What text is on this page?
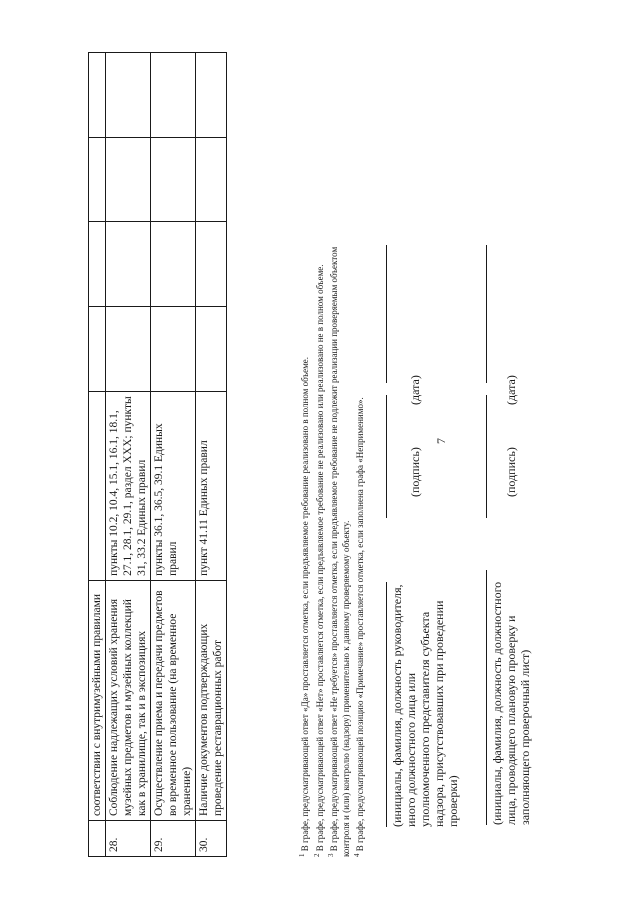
7
	соответствии с внутримузейными правилами					
28.	Соблюдение надлежащих условий хранения музейных предметов и музейных коллекций как в хранилище, так и в экспозициях	пункты 10.2, 10.4, 15.1, 16.1, 18.1, 27.1, 28.1, 29.1, раздел XXX; пункты 31, 33.2 Единых правил				
29.	Осуществление приема и передачи предметов во временное пользование (на временное хранение)	пункты 36.1, 36.5, 39.1 Единых правил				
30.	Наличие документов подтверждающих проведение реставрационных работ	пункт 41.11 Единых правил				
$^1$ В графе, предусматривающей ответ «Да» проставляется отметка, если предъявляемое требование реализовано в полном объеме.
$^2$ В графе, предусматривающей ответ «Нет» проставляется отметка, если предъявляемое требование не реализовано или реализовано не в полном объеме.
$^3$ В графе, предусматривающей ответ «Не требуется» проставляется отметка, если предъявляемое требование не подлежит реализации проверяемым объектом контроля и (или) контролю (надзору) применительно к данному проверяемому объекту. $^4$ В графе, предусматривающей позицию «Примечание» проставляется отметка, если заполнена графа «Неприменимо». (инициалы, фамилия, должность руководителя, иного должностного лица или уполномоченного представителя субъекта надзора, присутствовавших при проведении проверки)
(подпись)
(дата)
(инициалы, фамилия, должность должностного лица, проводящего плановую проверку и заполняющего проверочный лист)
(подпись)
(дата)
